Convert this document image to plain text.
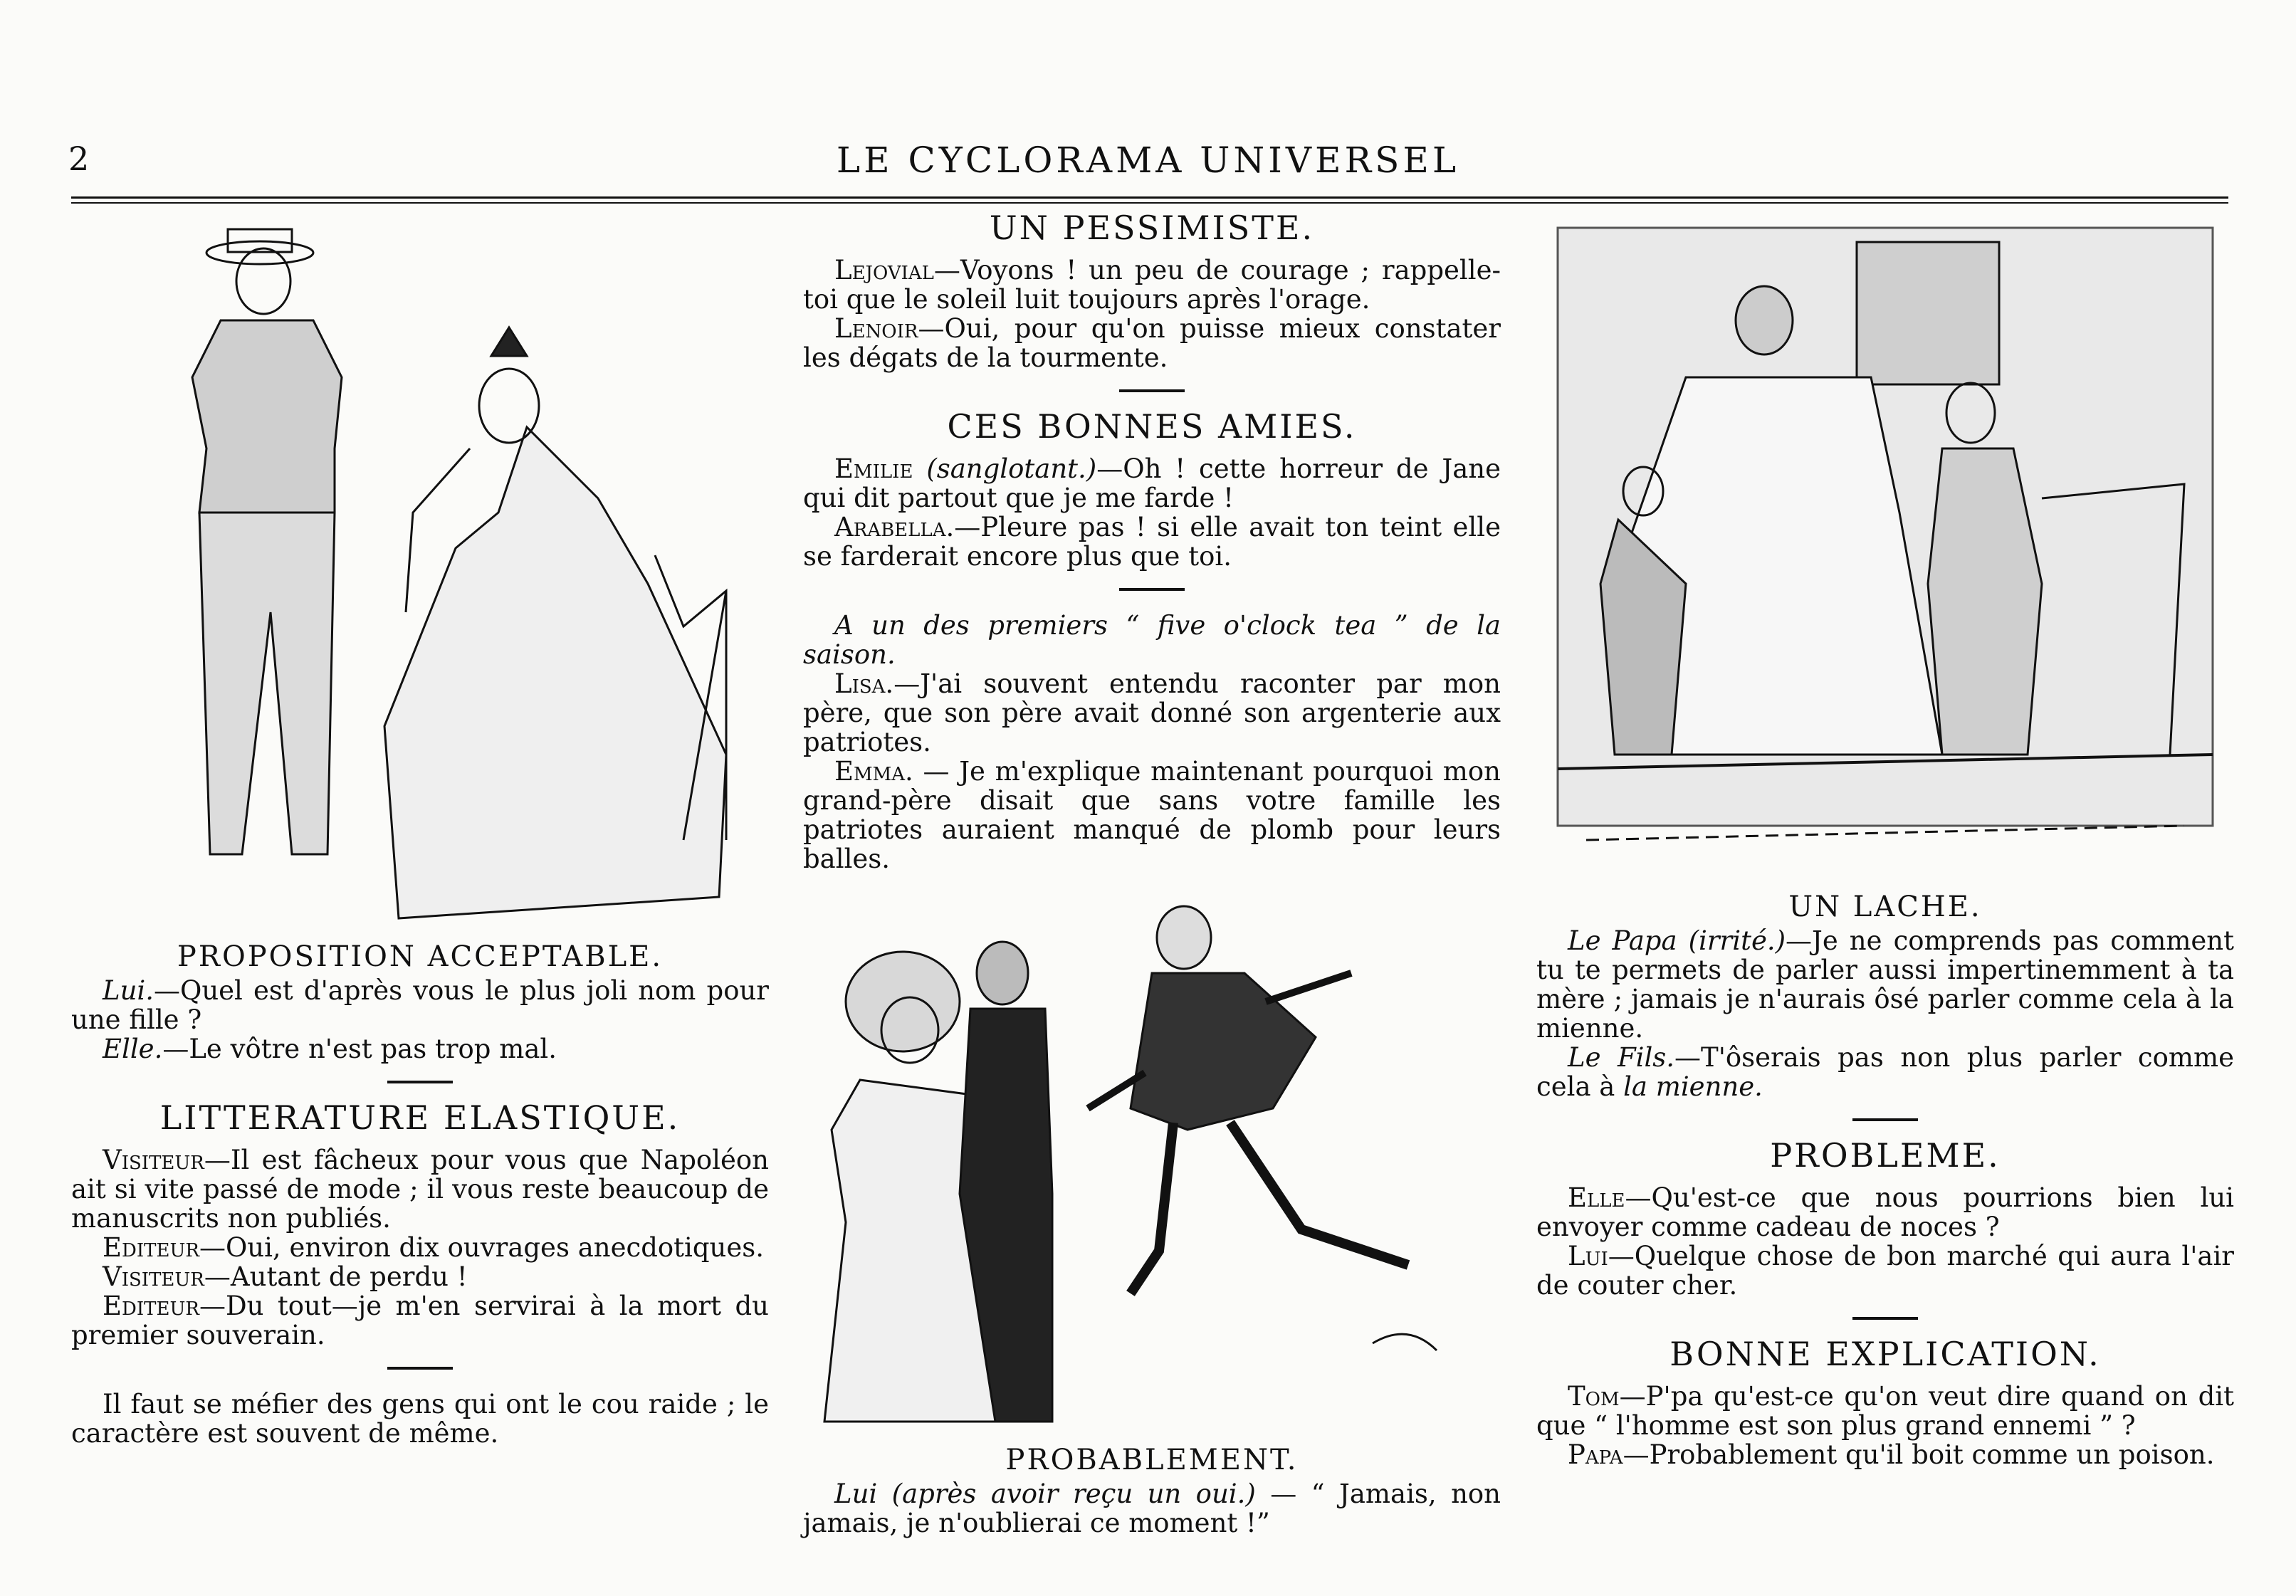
2	LE CYCLORAMA UNIVERSEL
PROPOSITION ACCEPTABLE.

Lui.—Quel est d'après vous le plus joli nom pour une fille ?

Elle.—Le vôtre n'est pas trop mal.

LITTERATURE ELASTIQUE.

Visiteur—Il est fâcheux pour vous que Napoléon ait si vite passé de mode ; il vous reste beaucoup de manuscrits non publiés.

Editeur—Oui, environ dix ouvrages anecdotiques.

Visiteur—Autant de perdu !

Editeur—Du tout—je m'en servirai à la mort du premier souverain.

Il faut se méfier des gens qui ont le cou raide ; le caractère est souvent de même.

UN PESSIMISTE.

Lejovial—Voyons ! un peu de courage ; rappelle-toi que le soleil luit toujours après l'orage.

Lenoir—Oui, pour qu'on puisse mieux constater les dégats de la tourmente.

CES BONNES AMIES.

Emilie (sanglotant.)—Oh ! cette horreur de Jane qui dit partout que je me farde !

Arabella.—Pleure pas ! si elle avait ton teint elle se farderait encore plus que toi.

A un des premiers “ five o'clock tea ” de la saison.

Lisa.—J'ai souvent entendu raconter par mon père, que son père avait donné son argenterie aux patriotes.

Emma. — Je m'explique maintenant pourquoi mon grand-père disait que sans votre famille les patriotes auraient manqué de plomb pour leurs balles.

PROBABLEMENT.

Lui (après avoir reçu un oui.) — “ Jamais, non jamais, je n'oublierai ce moment !”

UN LACHE.

Le Papa (irrité.)—Je ne comprends pas comment tu te permets de parler aussi impertinemment à ta mère ; jamais je n'aurais ôsé parler comme cela à la mienne.

Le Fils.—T'ôserais pas non plus parler comme cela à la mienne.

PROBLEME.

Elle—Qu'est-ce que nous pourrions bien lui envoyer comme cadeau de noces ?

Lui—Quelque chose de bon marché qui aura l'air de couter cher.

BONNE EXPLICATION.

Tom—P'pa qu'est-ce qu'on veut dire quand on dit que “ l'homme est son plus grand ennemi ” ?

Papa—Probablement qu'il boit comme un poison.
